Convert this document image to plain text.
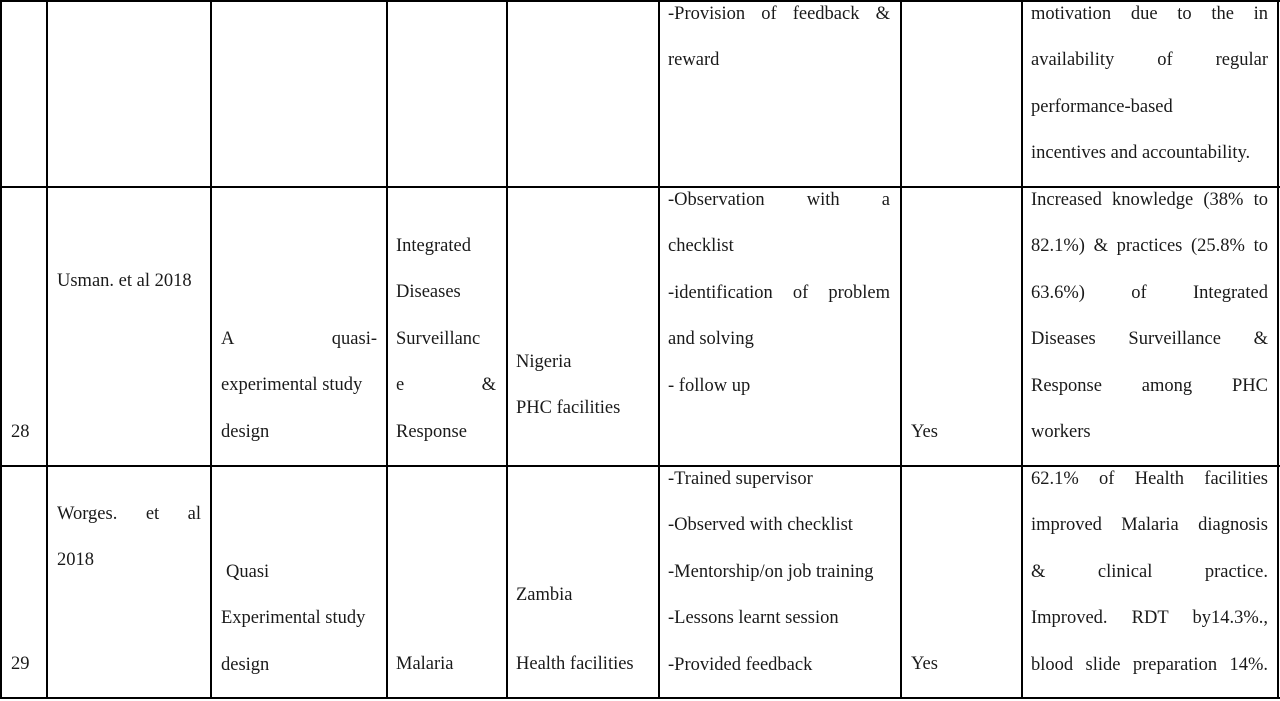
-Provision of feedback &
reward
motivation due to the in
availability of regular
performance-based
incentives and accountability.
28
Usman. et al 2018
A quasi-
experimental study
design
Integrated
Diseases
Surveillanc
e &
Response
Nigeria
PHC facilities
-Observation with a
checklist
-identification of problem
and solving
- follow up
Yes
Increased knowledge (38% to
82.1%) & practices (25.8% to
63.6%) of Integrated
Diseases Surveillance &
Response among PHC
workers
29
Worges. et al
2018
Quasi
Experimental study
design	Malaria
Zambia
Health facilities
-Trained supervisor
-Observed with checklist
-Mentorship/on job training
-Lessons learnt session
-Provided feedback	Yes
62.1% of Health facilities
improved Malaria diagnosis
& clinical practice.
Improved. RDT by14.3%.,
blood slide preparation 14%.
